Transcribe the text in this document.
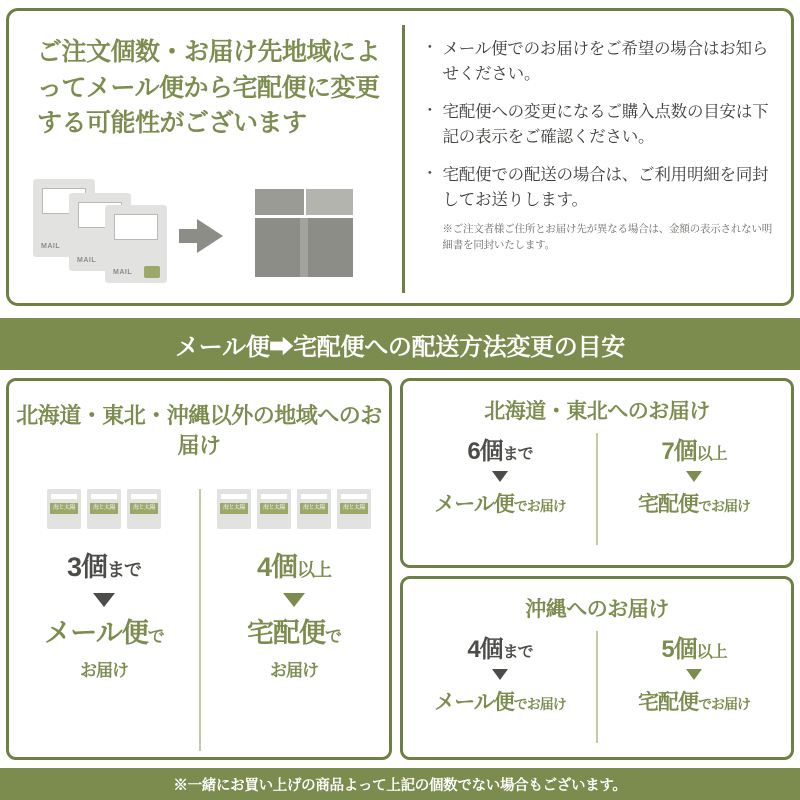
ご注文個数・お届け先地域によってメール便から宅配便に変更する可能性がございます
MAIL
MAIL
MAIL
・ メール便でのお届けをご希望の場合はお知らせください。
・ 宅配便への変更になるご購入点数の目安は下記の表示をご確認ください。
・ 宅配便での配送の場合は、ご利用明細を同封してお送りします。
※ご注文者様ご住所とお届け先が異なる場合は、金額の表示されない明細書を同封いたします。
メール便➡宅配便への配送方法変更の目安
北海道・東北・沖縄以外の地域へのお届け
海と太陽	海と太陽	海と太陽
3個まで
メール便で
お届け
海と太陽	海と太陽	海と太陽	海と太陽
4個以上
宅配便で
お届け
北海道・東北へのお届け
6個まで
メール便でお届け
7個以上
宅配便でお届け
沖縄へのお届け
4個まで
メール便でお届け
5個以上
宅配便でお届け
※一緒にお買い上げの商品よって上記の個数でない場合もございます。
